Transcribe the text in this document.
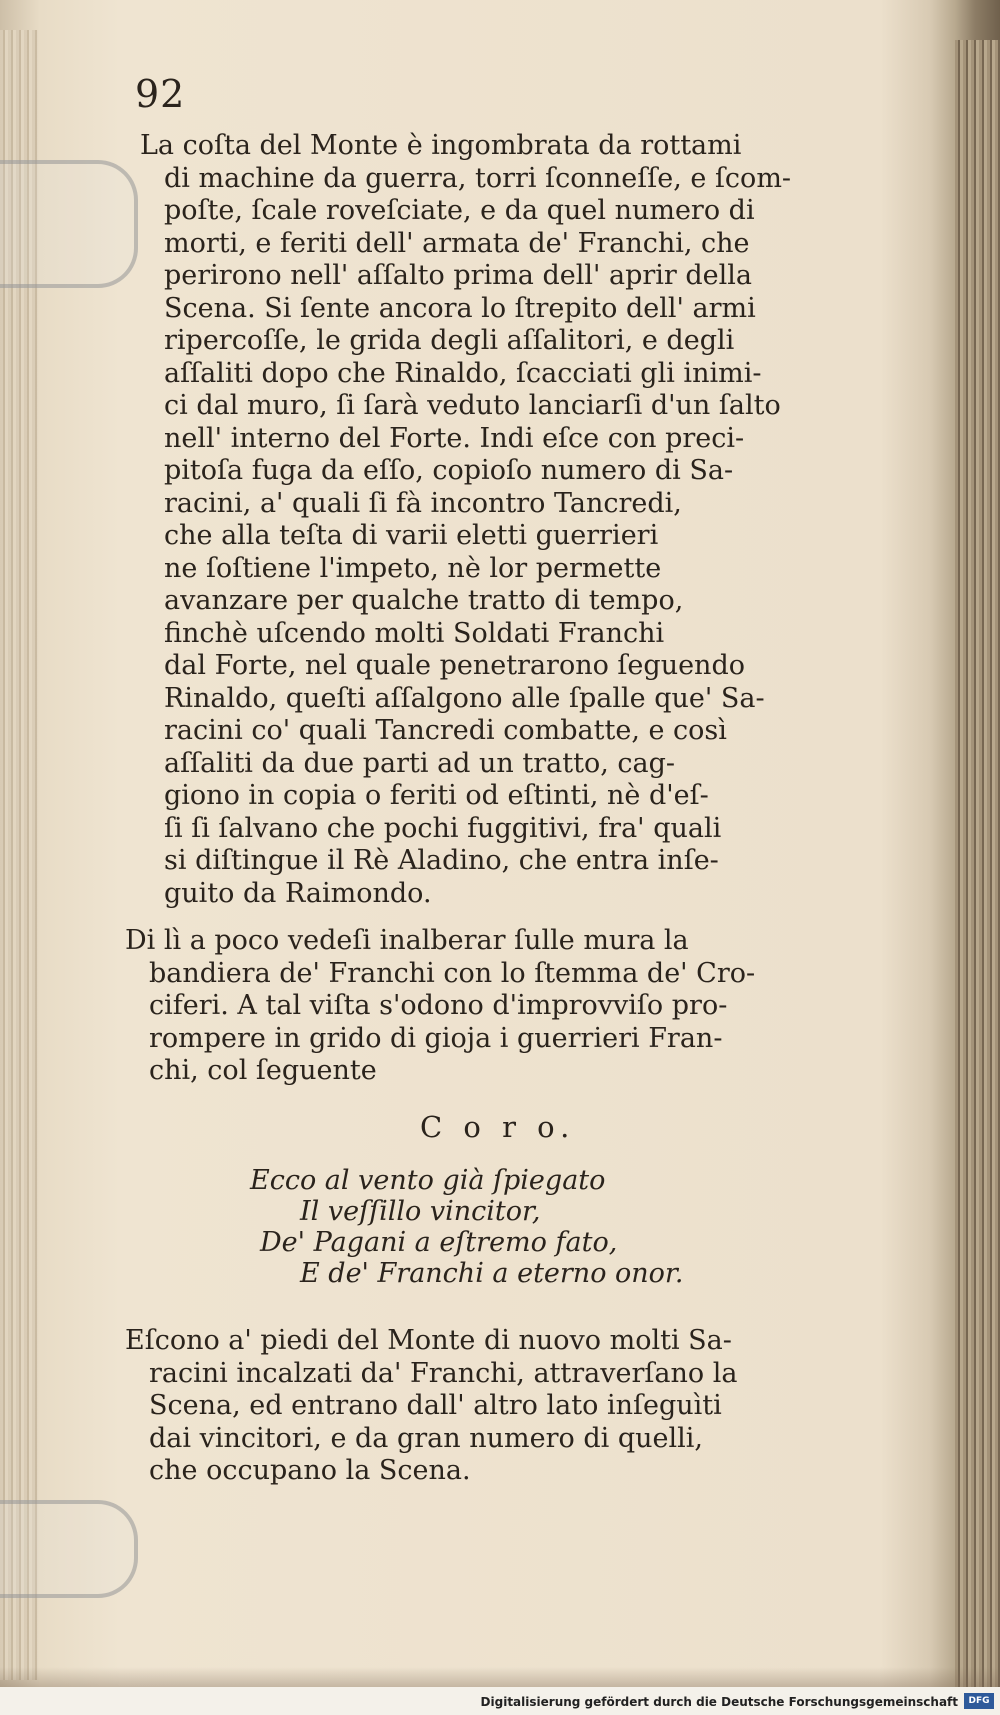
92
La coſta del Monte è ingombrata da rottami
di machine da guerra, torri ſconneſſe, e ſcom-
poſte, ſcale roveſciate, e da quel numero di
morti, e feriti dell' armata de' Franchi, che
perirono nell' aſſalto prima dell' aprir della
Scena. Si ſente ancora lo ſtrepito dell' armi
ripercoſſe, le grida degli aſſalitori, e degli
aſſaliti dopo che Rinaldo, ſcacciati gli inimi-
ci dal muro, ſi ſarà veduto lanciarſi d'un ſalto
nell' interno del Forte. Indi eſce con preci-
pitoſa fuga da eſſo, copioſo numero di Sa-
racini, a' quali ſi fà incontro Tancredi,
che alla teſta di varii eletti guerrieri
ne ſoſtiene l'impeto, nè lor permette
avanzare per qualche tratto di tempo,
finchè uſcendo molti Soldati Franchi
dal Forte, nel quale penetrarono ſeguendo
Rinaldo, queſti aſſalgono alle ſpalle que' Sa-
racini co' quali Tancredi combatte, e così
aſſaliti da due parti ad un tratto, cag-
giono in copia o feriti od eſtinti, nè d'eſ-
ſi ſi ſalvano che pochi fuggitivi, fra' quali
si diſtingue il Rè Aladino, che entra inſe-
guito da Raimondo.
Di lì a poco vedeſi inalberar ſulle mura la
bandiera de' Franchi con lo ſtemma de' Cro-
ciferi. A tal viſta s'odono d'improvviſo pro-
rompere in grido di gioja i guerrieri Fran-
chi, col ſeguente
C o r o.
Ecco al vento già ſpiegato
Il veſſillo vincitor,
De' Pagani a eſtremo fato,
E de' Franchi a eterno onor.
Eſcono a' piedi del Monte di nuovo molti Sa-
racini incalzati da' Franchi, attraverſano la
Scena, ed entrano dall' altro lato inſeguìti
dai vincitori, e da gran numero di quelli,
che occupano la Scena.
Digitalisierung gefördert durch die Deutsche Forschungsgemeinschaft	DFG
